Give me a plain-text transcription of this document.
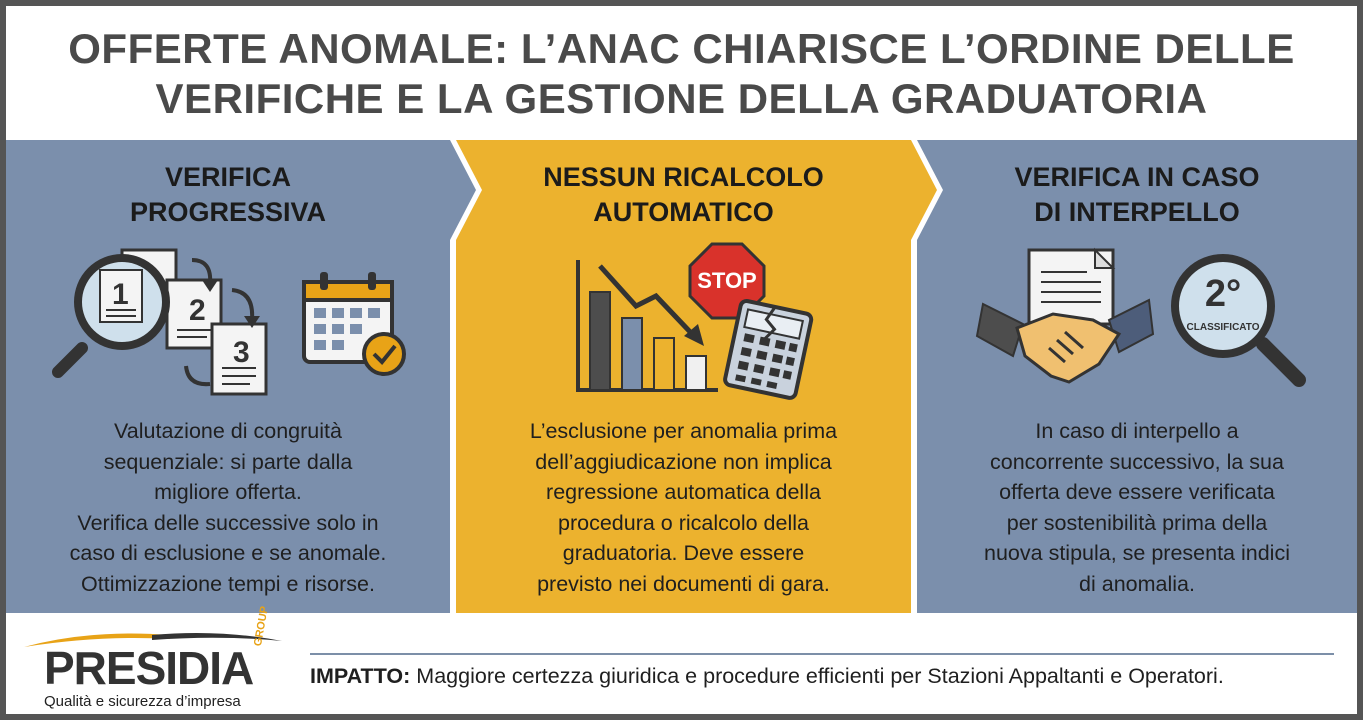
OFFERTE ANOMALE: L’ANAC CHIARISCE L’ORDINE DELLE
VERIFICHE E LA GESTIONE DELLA GRADUATORIA
VERIFICA
PROGRESSIVA
2
3
1
Valutazione di congruità
sequenziale: si parte dalla
migliore offerta.
Verifica delle successive solo in
caso di esclusione e se anomale.
Ottimizzazione tempi e risorse.
NESSUN RICALCOLO
AUTOMATICO
STOP
L’esclusione per anomalia prima
dell’aggiudicazione non implica
regressione automatica della
procedura o ricalcolo della
graduatoria. Deve essere
previsto nei documenti di gara.
VERIFICA IN CASO
DI INTERPELLO
2°
CLASSIFICATO
In caso di interpello a
concorrente successivo, la sua
offerta deve essere verificata
per sostenibilità prima della
nuova stipula, se presenta indici
di anomalia.
PRESIDIA
GROUP
Qualità e sicurezza d’impresa
IMPATTO: Maggiore certezza giuridica e procedure efficienti per Stazioni Appaltanti e Operatori.
